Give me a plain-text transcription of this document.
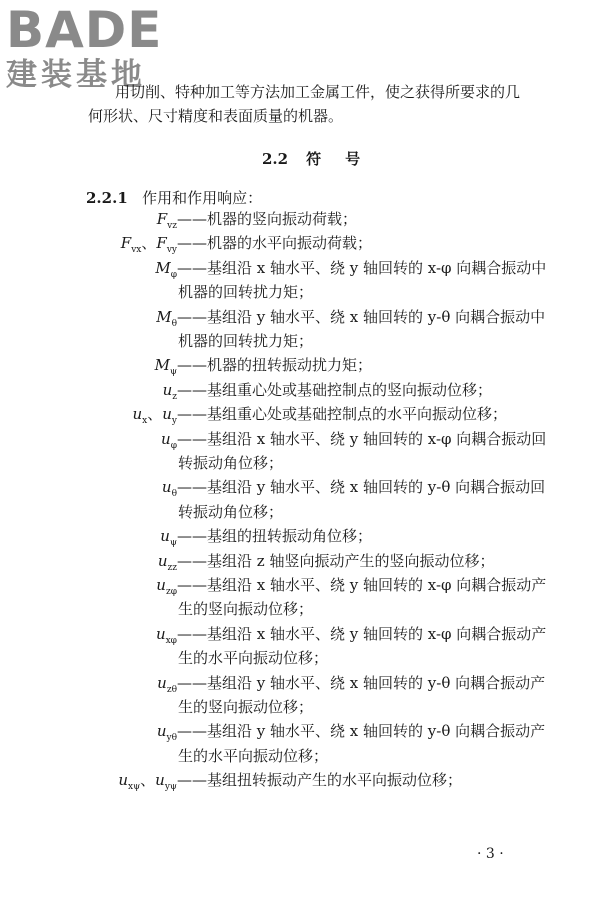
BADE
建装基地
用切削、特种加工等方法加工金属工件，使之获得所要求的几
何形状、尺寸精度和表面质量的机器。
2.2 符 号
2.2.1 作用和作用响应：
$F_{vz}$ ——机器的竖向振动荷载；
$F_{vx}$、$F_{vy}$ ——机器的水平向振动荷载；
$M_\varphi$ ——基组沿 x 轴水平、绕 y 轴回转的 x-φ 向耦合振动中
机器的回转扰力矩；
$M_\theta$ ——基组沿 y 轴水平、绕 x 轴回转的 y-θ 向耦合振动中
机器的回转扰力矩；
$M_\psi$ ——机器的扭转振动扰力矩；
$u_z$ ——基组重心处或基础控制点的竖向振动位移；
$u_x$、$u_y$ ——基组重心处或基础控制点的水平向振动位移；
$u_\varphi$ ——基组沿 x 轴水平、绕 y 轴回转的 x-φ 向耦合振动回
转振动角位移；
$u_\theta$ ——基组沿 y 轴水平、绕 x 轴回转的 y-θ 向耦合振动回
转振动角位移；
$u_\psi$ ——基组的扭转振动角位移；
$u_{zz}$ ——基组沿 z 轴竖向振动产生的竖向振动位移；
$u_{z\varphi}$ ——基组沿 x 轴水平、绕 y 轴回转的 x-φ 向耦合振动产
生的竖向振动位移；
$u_{x\varphi}$ ——基组沿 x 轴水平、绕 y 轴回转的 x-φ 向耦合振动产
生的水平向振动位移；
$u_{z\theta}$ ——基组沿 y 轴水平、绕 x 轴回转的 y-θ 向耦合振动产
生的竖向振动位移；
$u_{y\theta}$ ——基组沿 y 轴水平、绕 x 轴回转的 y-θ 向耦合振动产
生的水平向振动位移；
$u_{x\psi}$、$u_{y\psi}$ ——基组扭转振动产生的水平向振动位移；
· 3 ·
